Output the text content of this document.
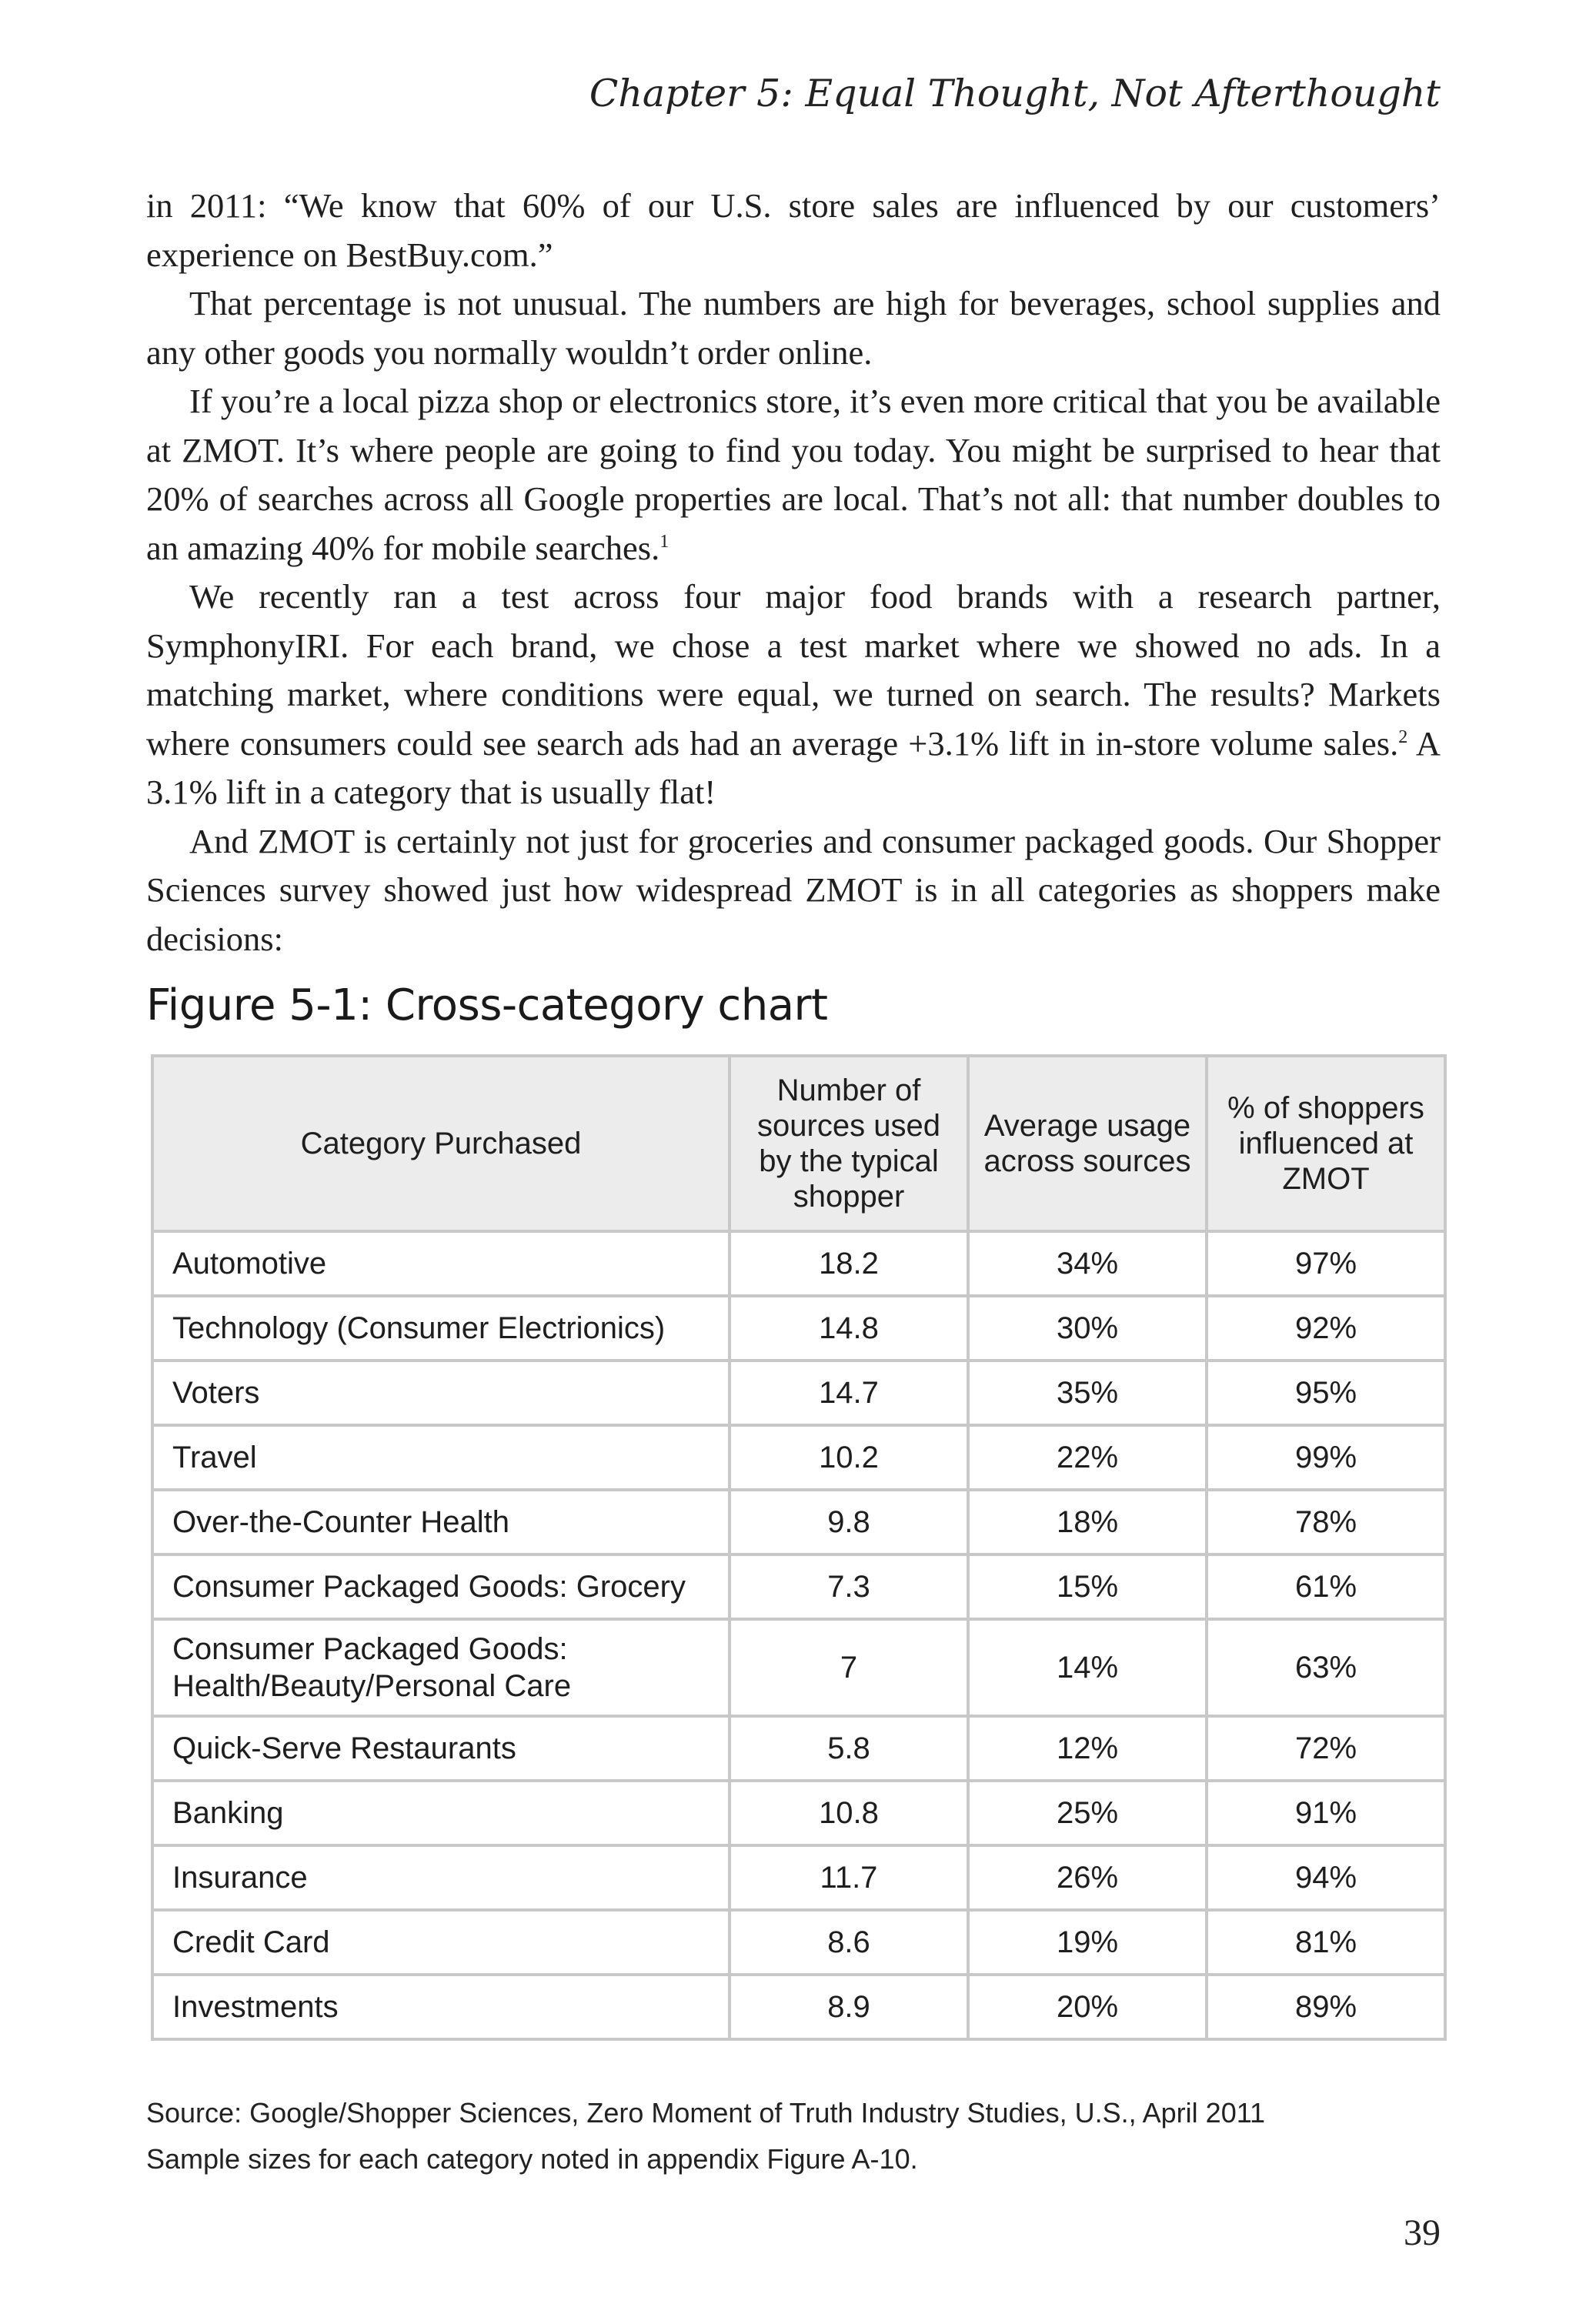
Chapter 5: Equal Thought, Not Afterthought

in 2011: “We know that 60% of our U.S. store sales are influenced by our customers’ experience on BestBuy.com.”

That percentage is not unusual. The numbers are high for beverages, school supplies and any other goods you normally wouldn’t order online.

If you’re a local pizza shop or electronics store, it’s even more critical that you be available at ZMOT. It’s where people are going to find you today. You might be surprised to hear that 20% of searches across all Google properties are local. That’s not all: that number doubles to an amazing 40% for mobile searches.$^1$

We recently ran a test across four major food brands with a research partner, SymphonyIRI. For each brand, we chose a test market where we showed no ads. In a matching market, where conditions were equal, we turned on search. The results? Markets where consumers could see search ads had an average +3.1% lift in in-store volume sales.$^2$ A 3.1% lift in a category that is usually flat!

And ZMOT is certainly not just for groceries and consumer packaged goods. Our Shopper Sciences survey showed just how widespread ZMOT is in all categories as shoppers make decisions:

Figure 5-1: Cross-category chart
Category Purchased	Number of sources used by the typical shopper	Average usage across sources	% of shoppers influenced at ZMOT
Automotive	18.2	34%	97%
Technology (Consumer Electrionics)	14.8	30%	92%
Voters	14.7	35%	95%
Travel	10.2	22%	99%
Over-the-Counter Health	9.8	18%	78%
Consumer Packaged Goods: Grocery	7.3	15%	61%
Consumer Packaged Goods: Health/Beauty/Personal Care	7	14%	63%
Quick-Serve Restaurants	5.8	12%	72%
Banking	10.8	25%	91%
Insurance	11.7	26%	94%
Credit Card	8.6	19%	81%
Investments	8.9	20%	89%
Source: Google/Shopper Sciences, Zero Moment of Truth Industry Studies, U.S., April 2011
Sample sizes for each category noted in appendix Figure A-10.
39
